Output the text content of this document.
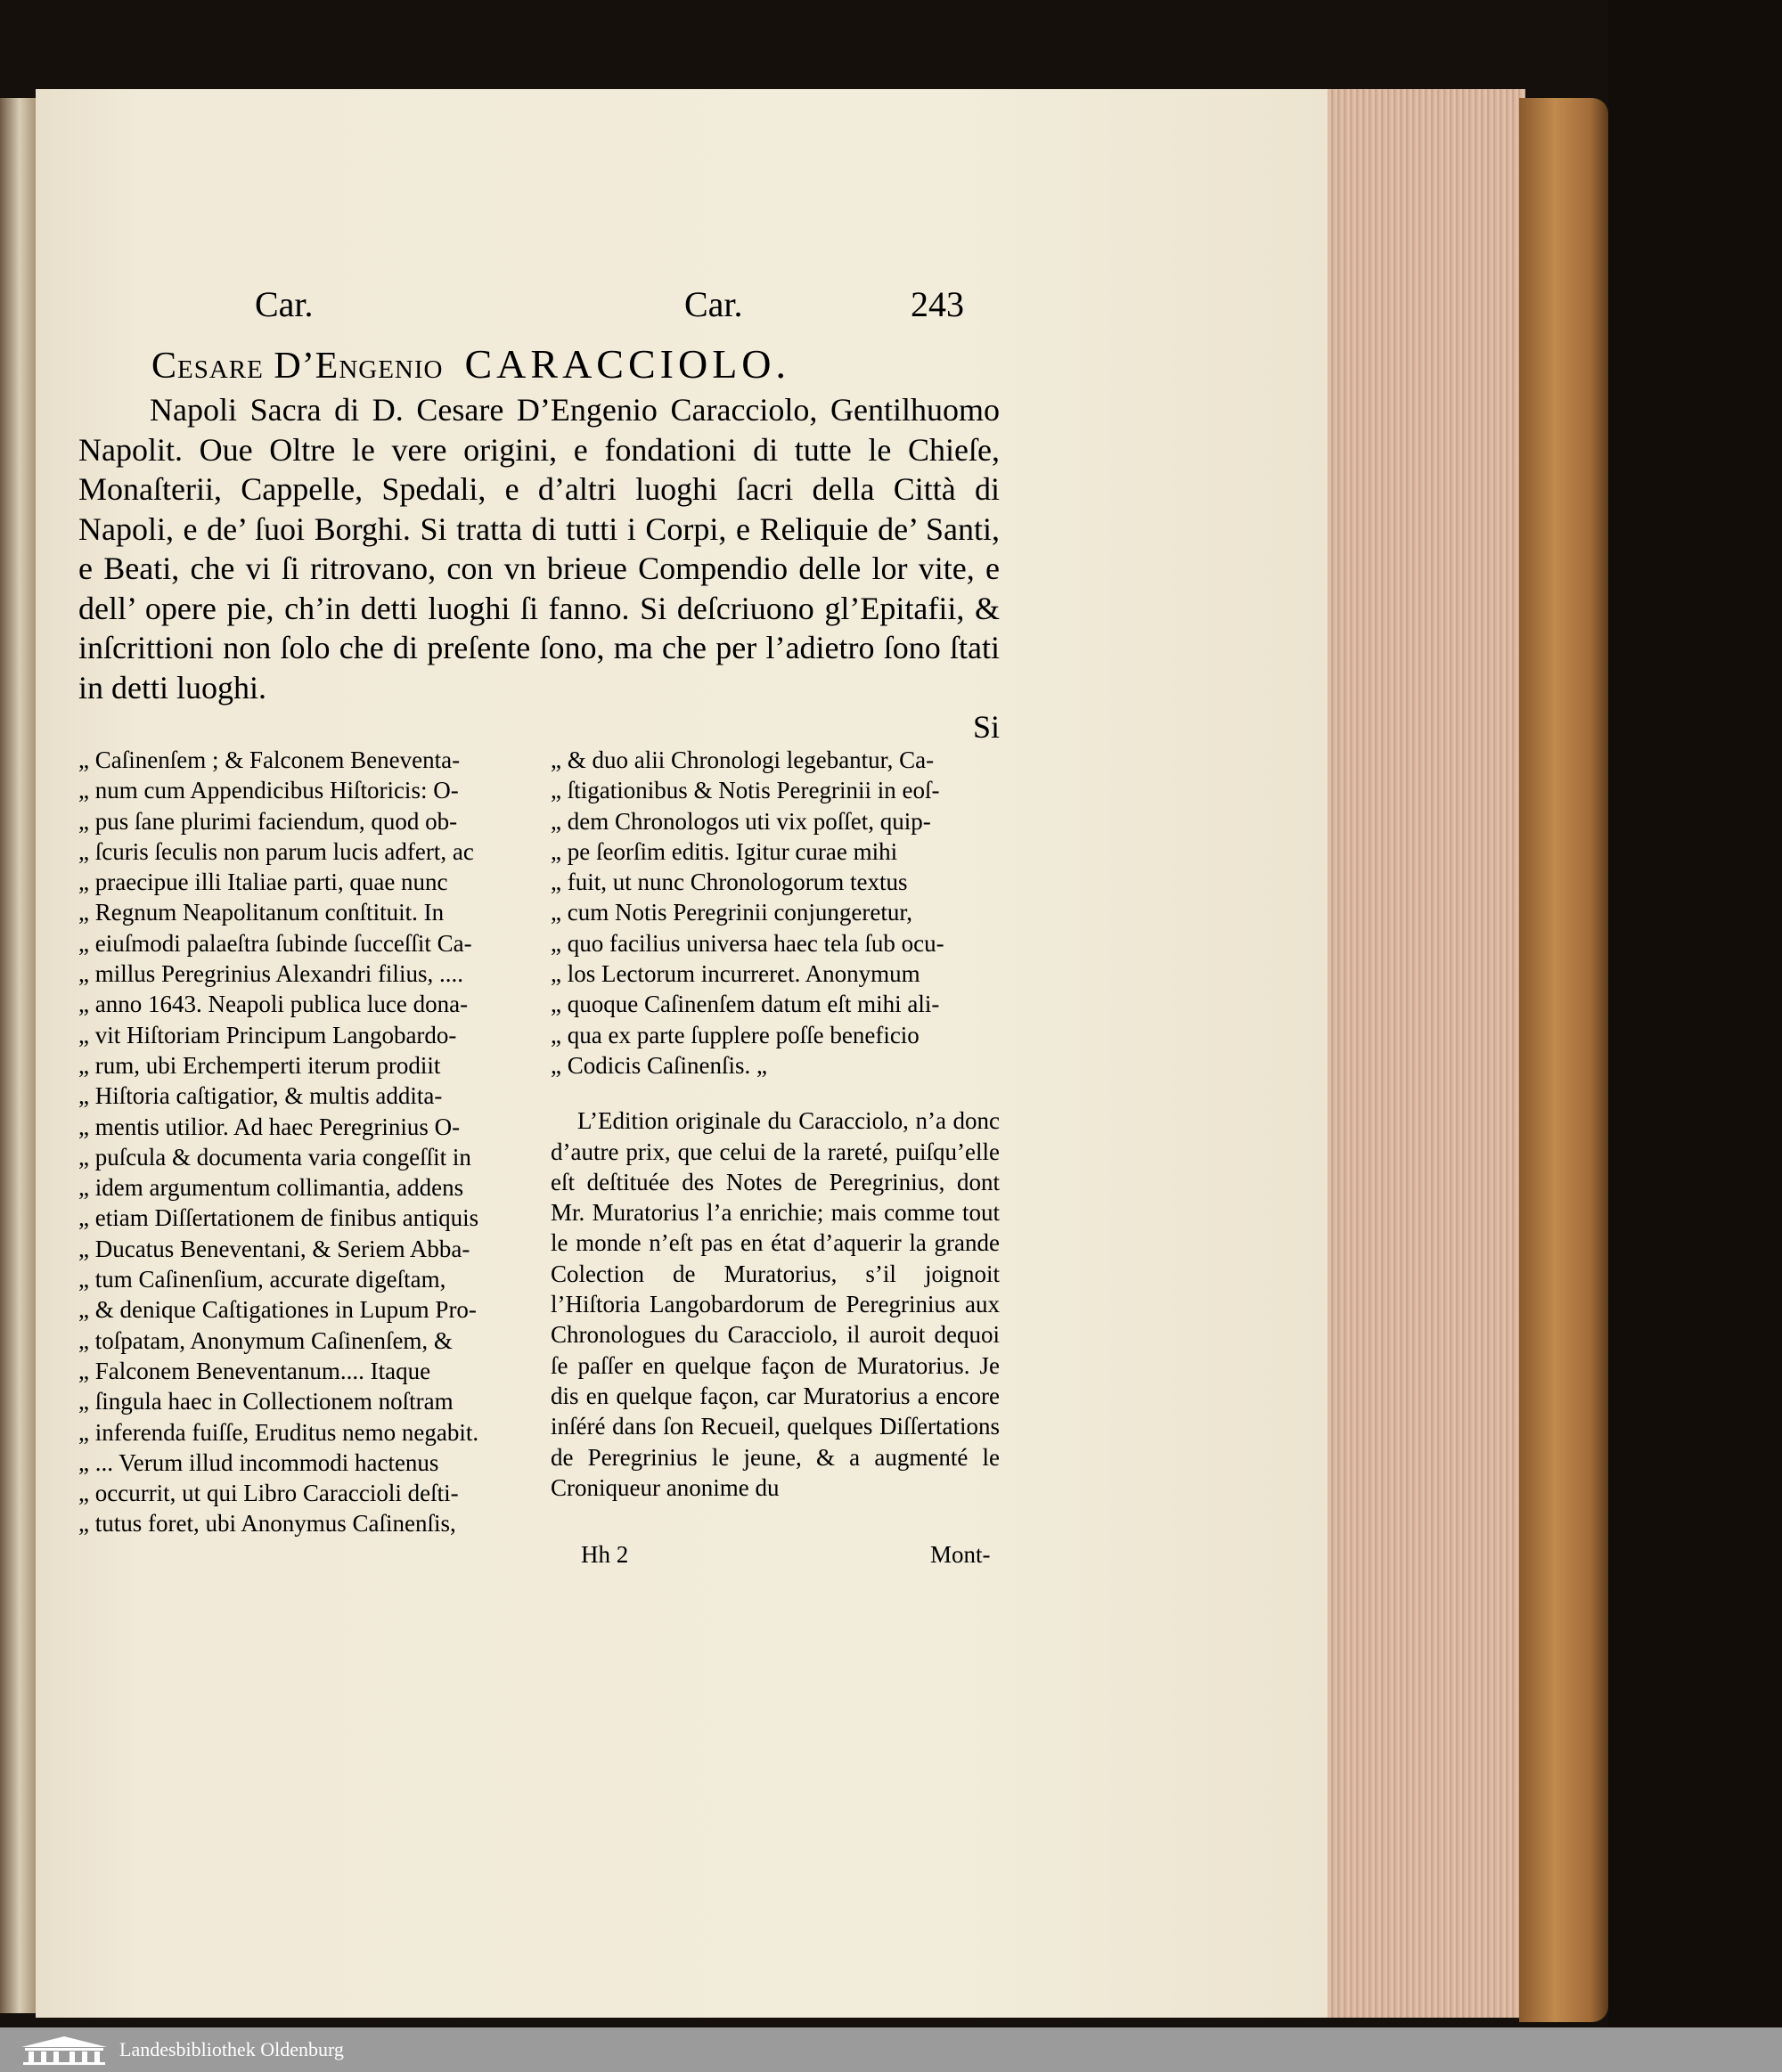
Car.	Car.	243
Cesare D’Engenio CARACCIOLO.

Napoli Sacra di D. Cesare D’Engenio Caracciolo, Gentilhuomo Napolit. Oue Oltre le vere origini, e fondationi di tutte le Chieſe, Monaſterii, Cappelle, Spedali, e d’altri luoghi ſacri della Città di Napoli, e de’ ſuoi Borghi. Si tratta di tutti i Corpi, e Reliquie de’ Santi, e Beati, che vi ſi ritrovano, con vn brieue Compendio delle lor vite, e dell’ opere pie, ch’in detti luoghi ſi fanno. Si deſcriuono gl’Epitafii, & inſcrittioni non ſolo che di preſente ſono, ma che per l’adietro ſono ſtati in detti luoghi.

Si

„ Caſinenſem ; & Falconem Beneventa-
„ num cum Appendicibus Hiſtoricis: O-
„ pus ſane plurimi faciendum, quod ob-
„ ſcuris ſeculis non parum lucis adfert, ac
„ praecipue illi Italiae parti, quae nunc
„ Regnum Neapolitanum conſtituit. In
„ eiuſmodi palaeſtra ſubinde ſucceſſit Ca-
„ millus Peregrinius Alexandri filius, ....
„ anno 1643. Neapoli publica luce dona-
„ vit Hiſtoriam Principum Langobardo-
„ rum, ubi Erchemperti iterum prodiit
„ Hiſtoria caſtigatior, & multis addita-
„ mentis utilior. Ad haec Peregrinius O-
„ puſcula & documenta varia congeſſit in
„ idem argumentum collimantia, addens
„ etiam Diſſertationem de finibus antiquis
„ Ducatus Beneventani, & Seriem Abba-
„ tum Caſinenſium, accurate digeſtam,
„ & denique Caſtigationes in Lupum Pro-
„ toſpatam, Anonymum Caſinenſem, &
„ Falconem Beneventanum.... Itaque
„ ſingula haec in Collectionem noſtram
„ inferenda fuiſſe, Eruditus nemo negabit.
„ ... Verum illud incommodi hactenus
„ occurrit, ut qui Libro Caraccioli deſti-
„ tutus foret, ubi Anonymus Caſinenſis,
„ & duo alii Chronologi legebantur, Ca-
„ ſtigationibus & Notis Peregrinii in eoſ-
„ dem Chronologos uti vix poſſet, quip-
„ pe ſeorſim editis. Igitur curae mihi
„ fuit, ut nunc Chronologorum textus
„ cum Notis Peregrinii conjungeretur,
„ quo facilius universa haec tela ſub ocu-
„ los Lectorum incurreret. Anonymum
„ quoque Caſinenſem datum eſt mihi ali-
„ qua ex parte ſupplere poſſe beneficio
„ Codicis Caſinenſis. „

L’Edition originale du Caracciolo, n’a donc d’autre prix, que celui de la rareté, puiſqu’elle eſt deſtituée des Notes de Peregrinius, dont Mr. Muratorius l’a enrichie; mais comme tout le monde n’eſt pas en état d’aquerir la grande Colection de Muratorius, s’il joignoit l’Hiſtoria Langobardorum de Peregrinius aux Chronologues du Caracciolo, il auroit dequoi ſe paſſer en quelque façon de Muratorius. Je dis en quelque façon, car Muratorius a encore inſéré dans ſon Recueil, quelques Diſſertations de Peregrinius le jeune, & a augmenté le Croniqueur anonime du

Hh 2	Mont-
Landesbibliothek Oldenburg
